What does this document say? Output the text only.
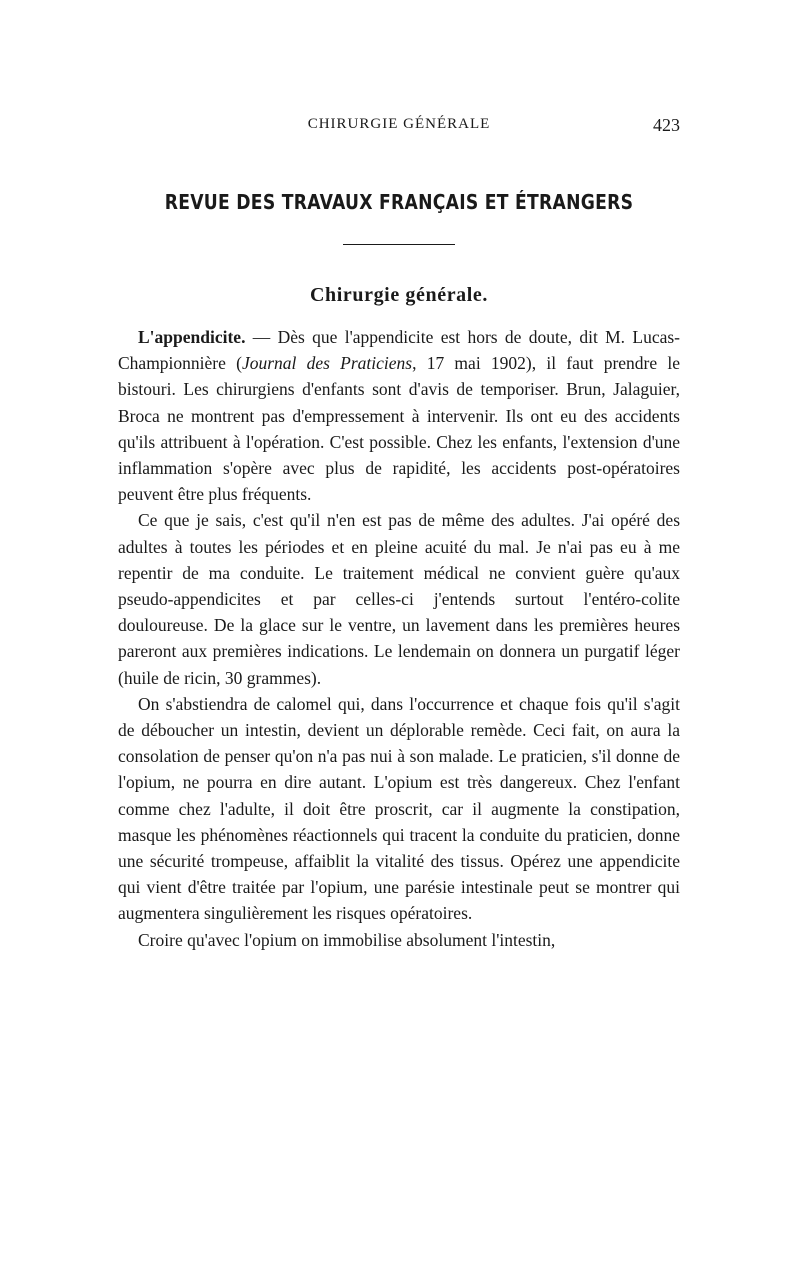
CHIRURGIE GÉNÉRALE	423
REVUE DES TRAVAUX FRANÇAIS ET ÉTRANGERS
Chirurgie générale.

L'appendicite. — Dès que l'appendicite est hors de doute, dit M. Lucas-Championnière (Journal des Praticiens, 17 mai 1902), il faut prendre le bistouri. Les chirurgiens d'enfants sont d'avis de temporiser. Brun, Jalaguier, Broca ne montrent pas d'empressement à intervenir. Ils ont eu des accidents qu'ils attribuent à l'opération. C'est possible. Chez les enfants, l'extension d'une inflammation s'opère avec plus de rapidité, les accidents post-opératoires peuvent être plus fréquents.

Ce que je sais, c'est qu'il n'en est pas de même des adultes. J'ai opéré des adultes à toutes les périodes et en pleine acuité du mal. Je n'ai pas eu à me repentir de ma conduite. Le traitement médical ne convient guère qu'aux pseudo-appendicites et par celles-ci j'entends surtout l'entéro-colite douloureuse. De la glace sur le ventre, un lavement dans les premières heures pareront aux premières indications. Le lendemain on donnera un purgatif léger (huile de ricin, 30 grammes).

On s'abstiendra de calomel qui, dans l'occurrence et chaque fois qu'il s'agit de déboucher un intestin, devient un déplorable remède. Ceci fait, on aura la consolation de penser qu'on n'a pas nui à son malade. Le praticien, s'il donne de l'opium, ne pourra en dire autant. L'opium est très dangereux. Chez l'enfant comme chez l'adulte, il doit être proscrit, car il augmente la constipation, masque les phénomènes réactionnels qui tracent la conduite du praticien, donne une sécurité trompeuse, affaiblit la vitalité des tissus. Opérez une appendicite qui vient d'être traitée par l'opium, une parésie intestinale peut se montrer qui augmentera singulièrement les risques opératoires.

Croire qu'avec l'opium on immobilise absolument l'intestin,
